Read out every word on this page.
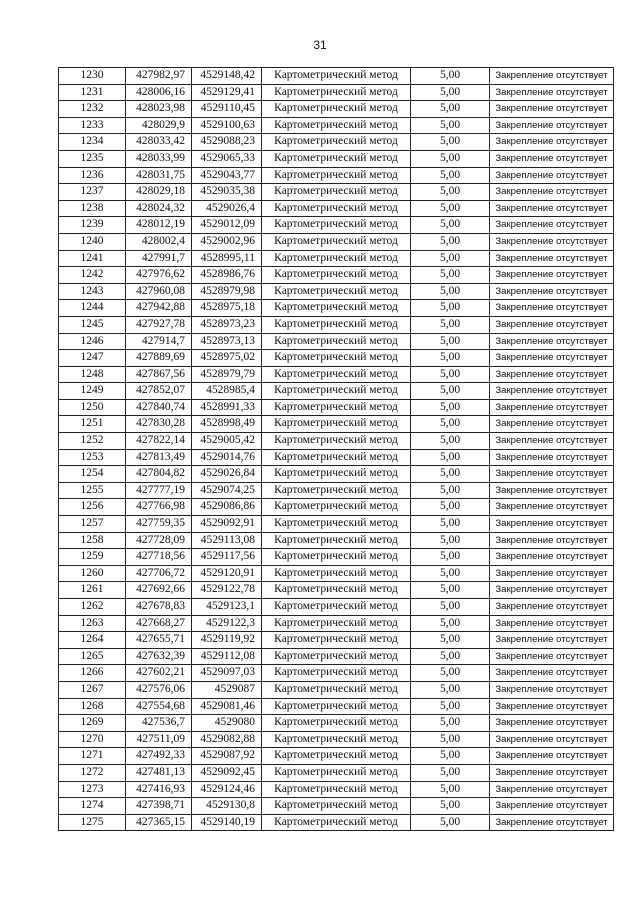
31
1230	427982,97	4529148,42	Картометрический метод	5,00	Закрепление отсутствует
1231	428006,16	4529129,41	Картометрический метод	5,00	Закрепление отсутствует
1232	428023,98	4529110,45	Картометрический метод	5,00	Закрепление отсутствует
1233	428029,9	4529100,63	Картометрический метод	5,00	Закрепление отсутствует
1234	428033,42	4529088,23	Картометрический метод	5,00	Закрепление отсутствует
1235	428033,99	4529065,33	Картометрический метод	5,00	Закрепление отсутствует
1236	428031,75	4529043,77	Картометрический метод	5,00	Закрепление отсутствует
1237	428029,18	4529035,38	Картометрический метод	5,00	Закрепление отсутствует
1238	428024,32	4529026,4	Картометрический метод	5,00	Закрепление отсутствует
1239	428012,19	4529012,09	Картометрический метод	5,00	Закрепление отсутствует
1240	428002,4	4529002,96	Картометрический метод	5,00	Закрепление отсутствует
1241	427991,7	4528995,11	Картометрический метод	5,00	Закрепление отсутствует
1242	427976,62	4528986,76	Картометрический метод	5,00	Закрепление отсутствует
1243	427960,08	4528979,98	Картометрический метод	5,00	Закрепление отсутствует
1244	427942,88	4528975,18	Картометрический метод	5,00	Закрепление отсутствует
1245	427927,78	4528973,23	Картометрический метод	5,00	Закрепление отсутствует
1246	427914,7	4528973,13	Картометрический метод	5,00	Закрепление отсутствует
1247	427889,69	4528975,02	Картометрический метод	5,00	Закрепление отсутствует
1248	427867,56	4528979,79	Картометрический метод	5,00	Закрепление отсутствует
1249	427852,07	4528985,4	Картометрический метод	5,00	Закрепление отсутствует
1250	427840,74	4528991,33	Картометрический метод	5,00	Закрепление отсутствует
1251	427830,28	4528998,49	Картометрический метод	5,00	Закрепление отсутствует
1252	427822,14	4529005,42	Картометрический метод	5,00	Закрепление отсутствует
1253	427813,49	4529014,76	Картометрический метод	5,00	Закрепление отсутствует
1254	427804,82	4529026,84	Картометрический метод	5,00	Закрепление отсутствует
1255	427777,19	4529074,25	Картометрический метод	5,00	Закрепление отсутствует
1256	427766,98	4529086,86	Картометрический метод	5,00	Закрепление отсутствует
1257	427759,35	4529092,91	Картометрический метод	5,00	Закрепление отсутствует
1258	427728,09	4529113,08	Картометрический метод	5,00	Закрепление отсутствует
1259	427718,56	4529117,56	Картометрический метод	5,00	Закрепление отсутствует
1260	427706,72	4529120,91	Картометрический метод	5,00	Закрепление отсутствует
1261	427692,66	4529122,78	Картометрический метод	5,00	Закрепление отсутствует
1262	427678,83	4529123,1	Картометрический метод	5,00	Закрепление отсутствует
1263	427668,27	4529122,3	Картометрический метод	5,00	Закрепление отсутствует
1264	427655,71	4529119,92	Картометрический метод	5,00	Закрепление отсутствует
1265	427632,39	4529112,08	Картометрический метод	5,00	Закрепление отсутствует
1266	427602,21	4529097,03	Картометрический метод	5,00	Закрепление отсутствует
1267	427576,06	4529087	Картометрический метод	5,00	Закрепление отсутствует
1268	427554,68	4529081,46	Картометрический метод	5,00	Закрепление отсутствует
1269	427536,7	4529080	Картометрический метод	5,00	Закрепление отсутствует
1270	427511,09	4529082,88	Картометрический метод	5,00	Закрепление отсутствует
1271	427492,33	4529087,92	Картометрический метод	5,00	Закрепление отсутствует
1272	427481,13	4529092,45	Картометрический метод	5,00	Закрепление отсутствует
1273	427416,93	4529124,46	Картометрический метод	5,00	Закрепление отсутствует
1274	427398,71	4529130,8	Картометрический метод	5,00	Закрепление отсутствует
1275	427365,15	4529140,19	Картометрический метод	5,00	Закрепление отсутствует
